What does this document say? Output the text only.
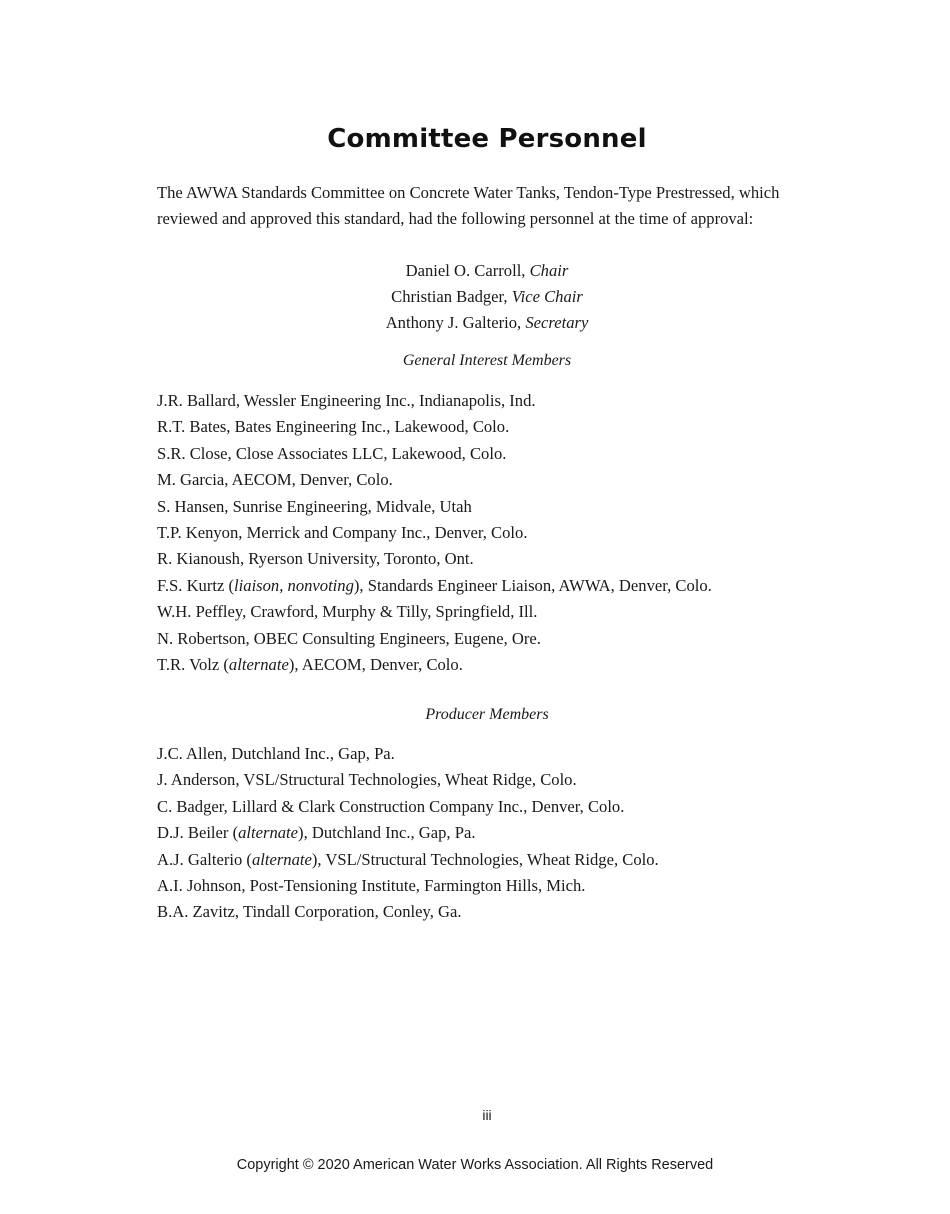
Committee Personnel

The AWWA Standards Committee on Concrete Water Tanks, Tendon-Type Prestressed, which reviewed and approved this standard, had the following personnel at the time of approval:

Daniel O. Carroll, Chair
Christian Badger, Vice Chair
Anthony J. Galterio, Secretary
General Interest Members
J.R. Ballard, Wessler Engineering Inc., Indianapolis, Ind.
R.T. Bates, Bates Engineering Inc., Lakewood, Colo.
S.R. Close, Close Associates LLC, Lakewood, Colo.
M. Garcia, AECOM, Denver, Colo.
S. Hansen, Sunrise Engineering, Midvale, Utah
T.P. Kenyon, Merrick and Company Inc., Denver, Colo.
R. Kianoush, Ryerson University, Toronto, Ont.
F.S. Kurtz (liaison, nonvoting), Standards Engineer Liaison, AWWA, Denver, Colo.
W.H. Peffley, Crawford, Murphy & Tilly, Springfield, Ill.
N. Robertson, OBEC Consulting Engineers, Eugene, Ore.
T.R. Volz (alternate), AECOM, Denver, Colo.
Producer Members
J.C. Allen, Dutchland Inc., Gap, Pa.
J. Anderson, VSL/Structural Technologies, Wheat Ridge, Colo.
C. Badger, Lillard & Clark Construction Company Inc., Denver, Colo.
D.J. Beiler (alternate), Dutchland Inc., Gap, Pa.
A.J. Galterio (alternate), VSL/Structural Technologies, Wheat Ridge, Colo.
A.I. Johnson, Post-Tensioning Institute, Farmington Hills, Mich.
B.A. Zavitz, Tindall Corporation, Conley, Ga.
iii
Copyright © 2020 American Water Works Association. All Rights Reserved
